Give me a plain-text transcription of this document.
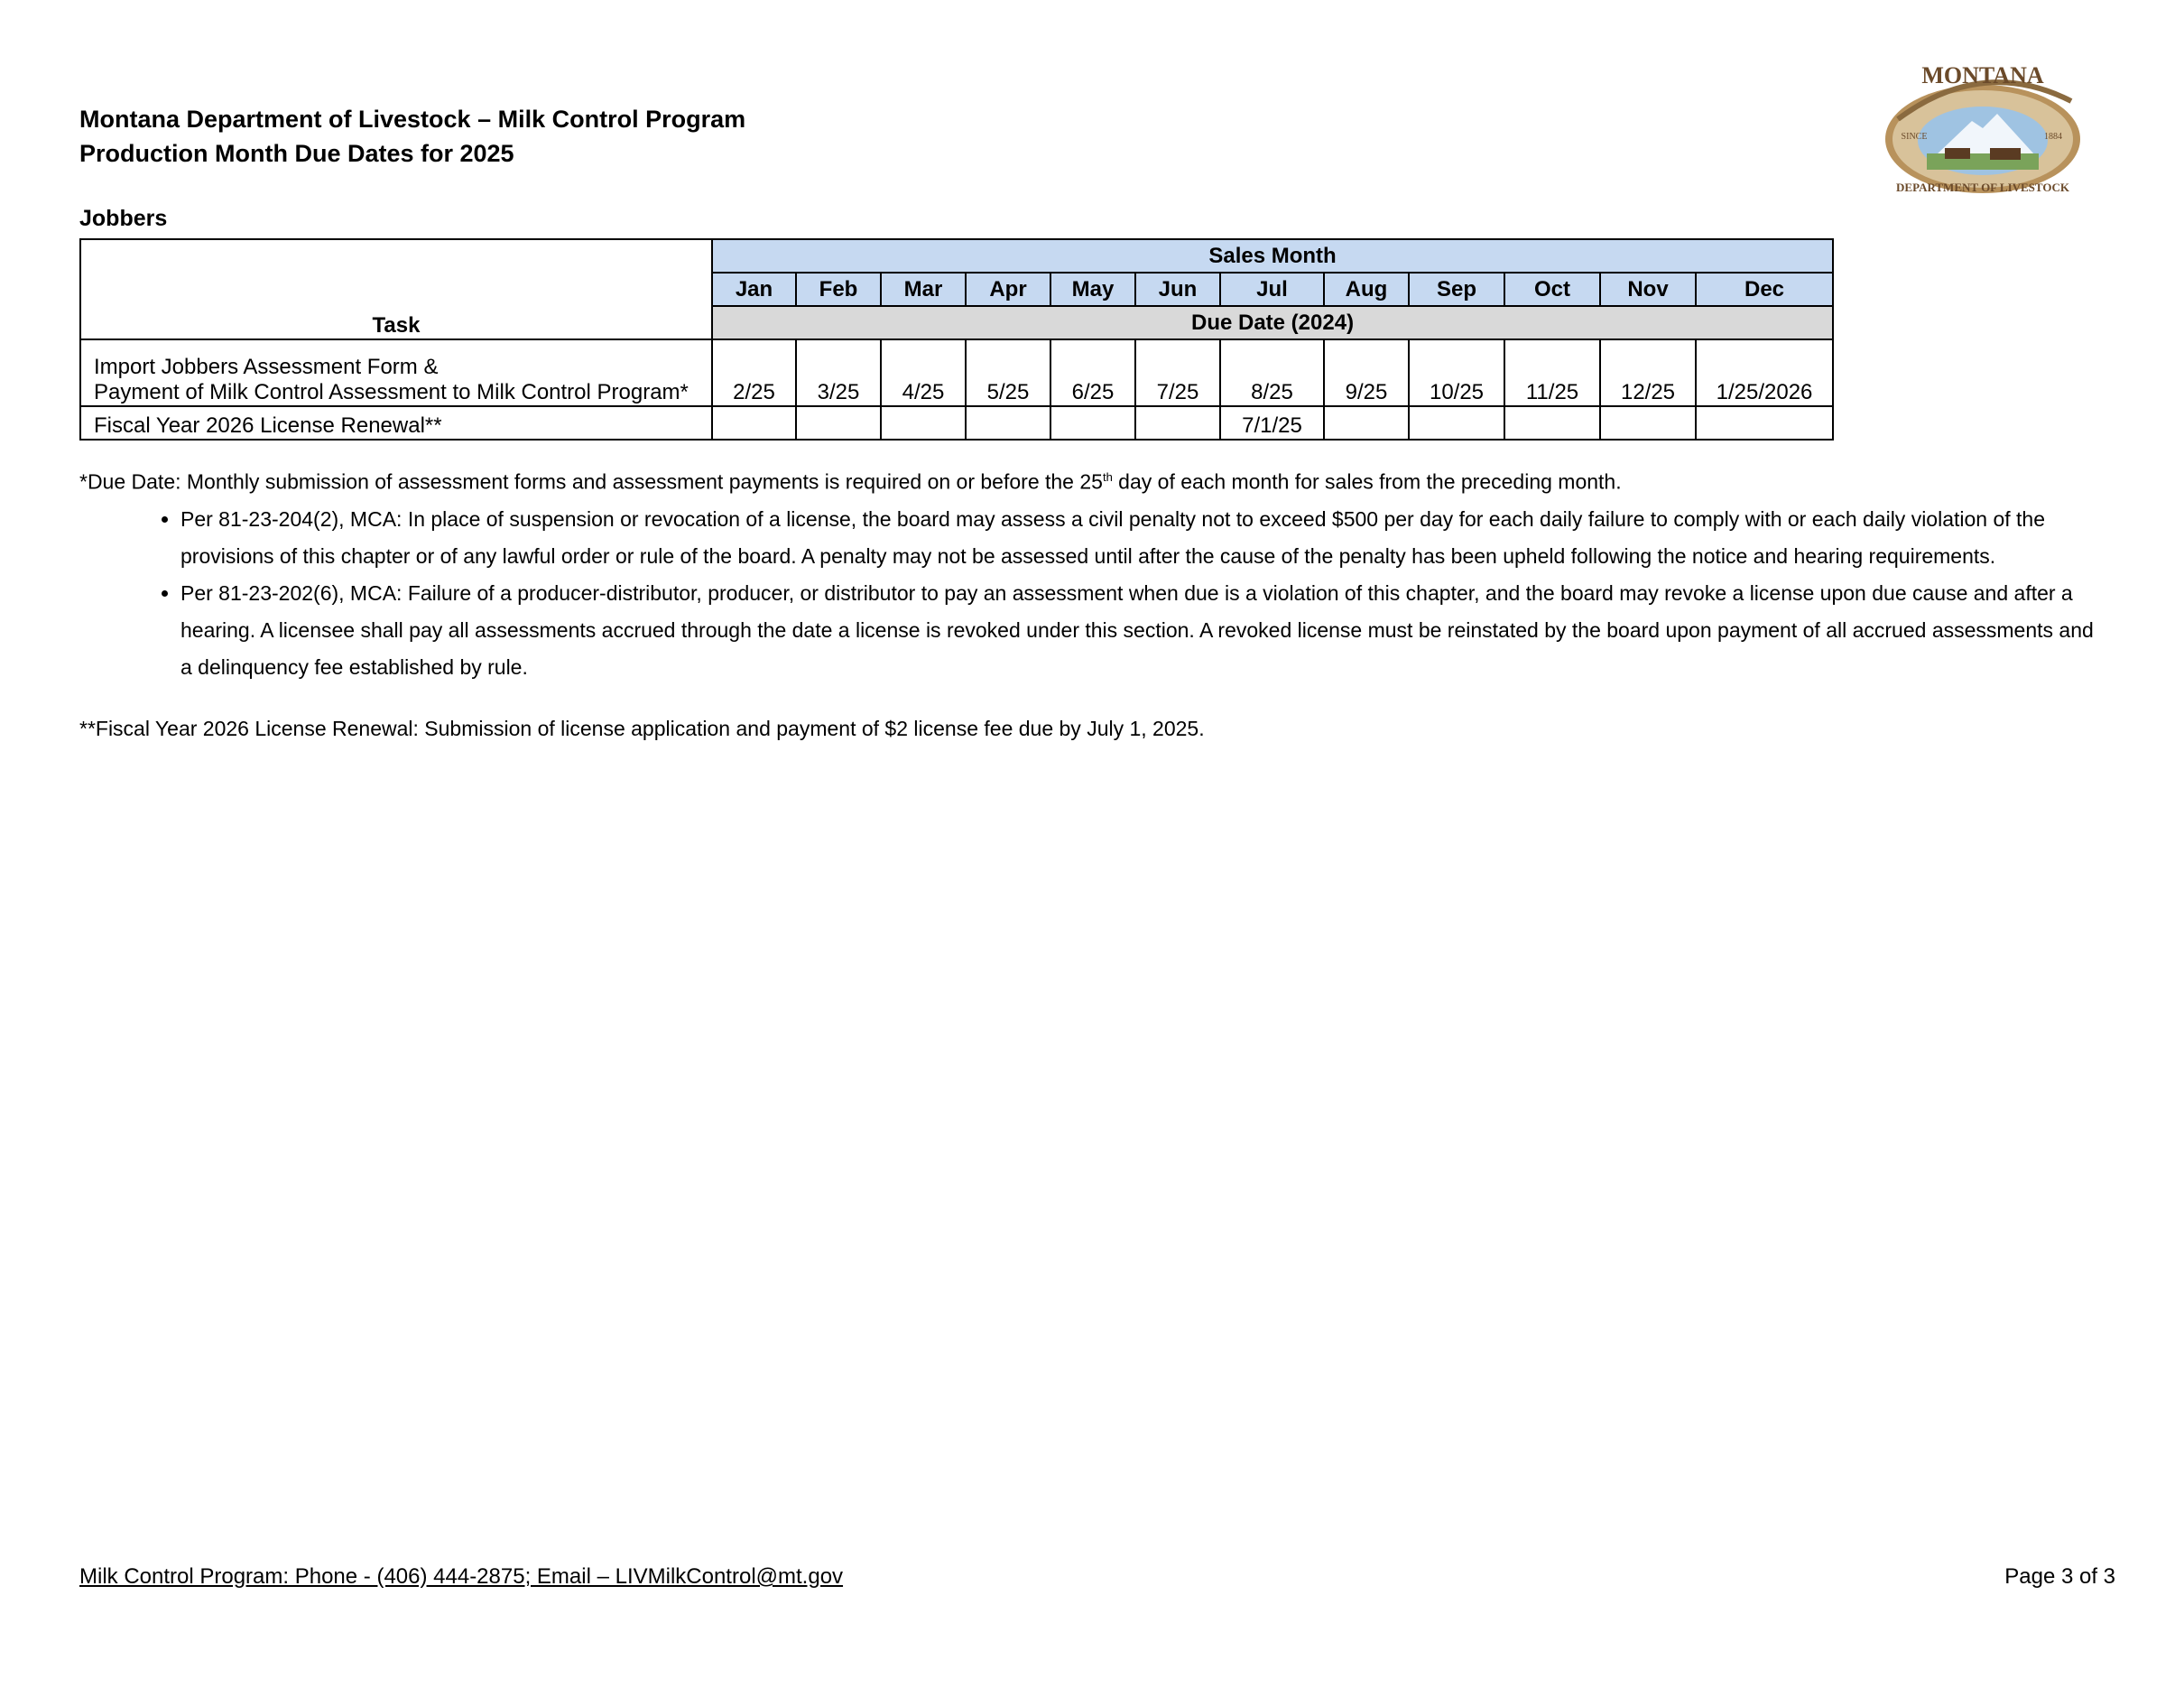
Montana Department of Livestock – Milk Control Program
Production Month Due Dates for 2025
MONTANA
DEPARTMENT OF LIVESTOCK
SINCE	1884
Jobbers
Task	Sales Month											
	Jan	Feb	Mar	Apr	May	Jun	Jul	Aug	Sep	Oct	Nov	Dec
	Due Date (2024)											

Import Jobbers Assessment Form &
Payment of Milk Control Assessment to Milk Control Program*	2/25	3/25	4/25	5/25	6/25	7/25	8/25	9/25	10/25	11/25	12/25	1/25/2026
Fiscal Year 2026 License Renewal**							7/1/25					

*Due Date: Monthly submission of assessment forms and assessment payments is required on or before the 25th day of each month for sales from the preceding month.

• Per 81-23-204(2), MCA: In place of suspension or revocation of a license, the board may assess a civil penalty not to exceed $500 per day for each daily failure to comply with or each daily violation of the provisions of this chapter or of any lawful order or rule of the board. A penalty may not be assessed until after the cause of the penalty has been upheld following the notice and hearing requirements.
• Per 81-23-202(6), MCA: Failure of a producer-distributor, producer, or distributor to pay an assessment when due is a violation of this chapter, and the board may revoke a license upon due cause and after a hearing. A licensee shall pay all assessments accrued through the date a license is revoked under this section. A revoked license must be reinstated by the board upon payment of all accrued assessments and a delinquency fee established by rule.

**Fiscal Year 2026 License Renewal: Submission of license application and payment of $2 license fee due by July 1, 2025.

Milk Control Program: Phone - (406) 444-2875; Email – LIVMilkControl@mt.gov	Page 3 of 3
